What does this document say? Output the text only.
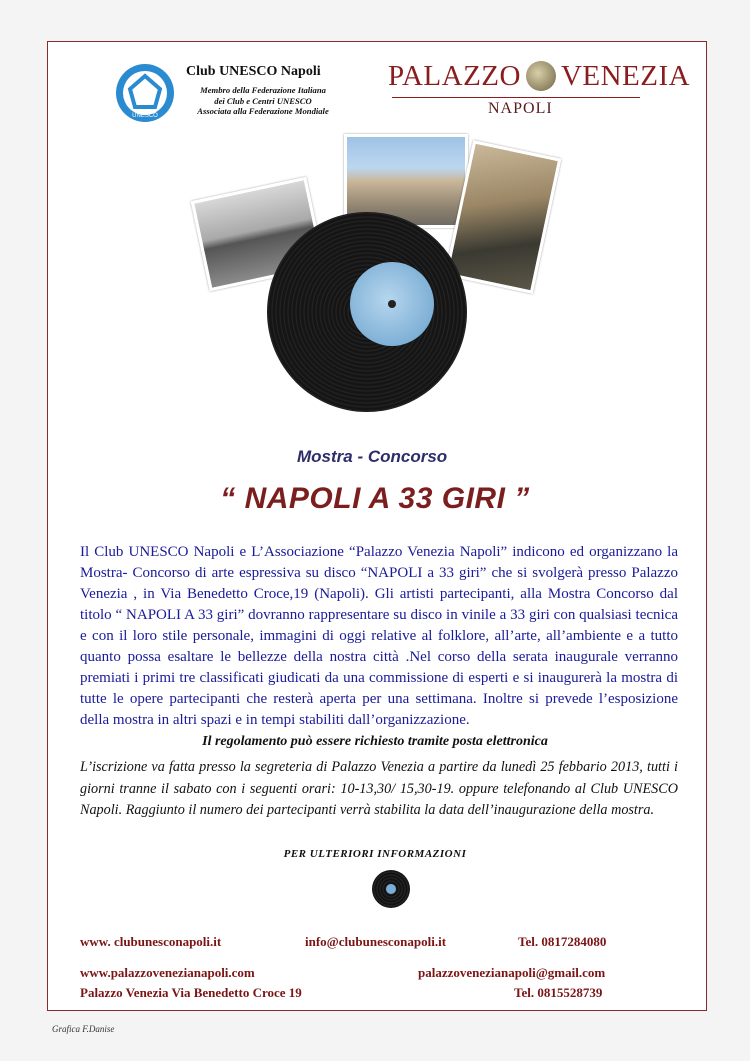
UNESCO
Club UNESCO Napoli
Membro della Federazione Italiana
dei Club e Centri UNESCO
Associata alla Federazione Mondiale
PALAZZO VENEZIA
NAPOLI
Mostra - Concorso
“ NAPOLI A 33 GIRI ”
Il Club UNESCO Napoli e L’Associazione “Palazzo Venezia Napoli” indicono ed organizzano la Mostra- Concorso di arte espressiva su disco “NAPOLI a 33 giri” che si svolgerà presso Palazzo Venezia , in Via Benedetto Croce,19 (Napoli). Gli artisti partecipanti, alla Mostra Concorso dal titolo “ NAPOLI A 33 giri” dovranno rappresentare su disco in vinile a 33 giri con qualsiasi tecnica e con il loro stile personale, immagini di oggi relative al folklore, all’arte, all’ambiente e a tutto quanto possa esaltare le bellezze della nostra città .Nel corso della serata inaugurale verranno premiati i primi tre classificati giudicati da una commissione di esperti e si inaugurerà la mostra di tutte le opere partecipanti che resterà aperta per una settimana. Inoltre si prevede l’esposizione della mostra in altri spazi e in tempi stabiliti dall’organizzazione.
Il regolamento può essere richiesto tramite posta elettronica
L’iscrizione va fatta presso la segreteria di Palazzo Venezia a partire da lunedì 25 febbario 2013, tutti i giorni tranne il sabato con i seguenti orari: 10-13,30/ 15,30-19. oppure telefonando al Club UNESCO Napoli. Raggiunto il numero dei partecipanti verrà stabilita la data dell’inaugurazione della mostra.
PER ULTERIORI INFORMAZIONI
www. clubunesconapoli.it	info@clubunesconapoli.it	Tel. 0817284080
www.palazzovenezianapoli.com	palazzovenezianapoli@gmail.com
Palazzo Venezia Via Benedetto Croce 19	Tel. 0815528739
Grafica F.Danise
